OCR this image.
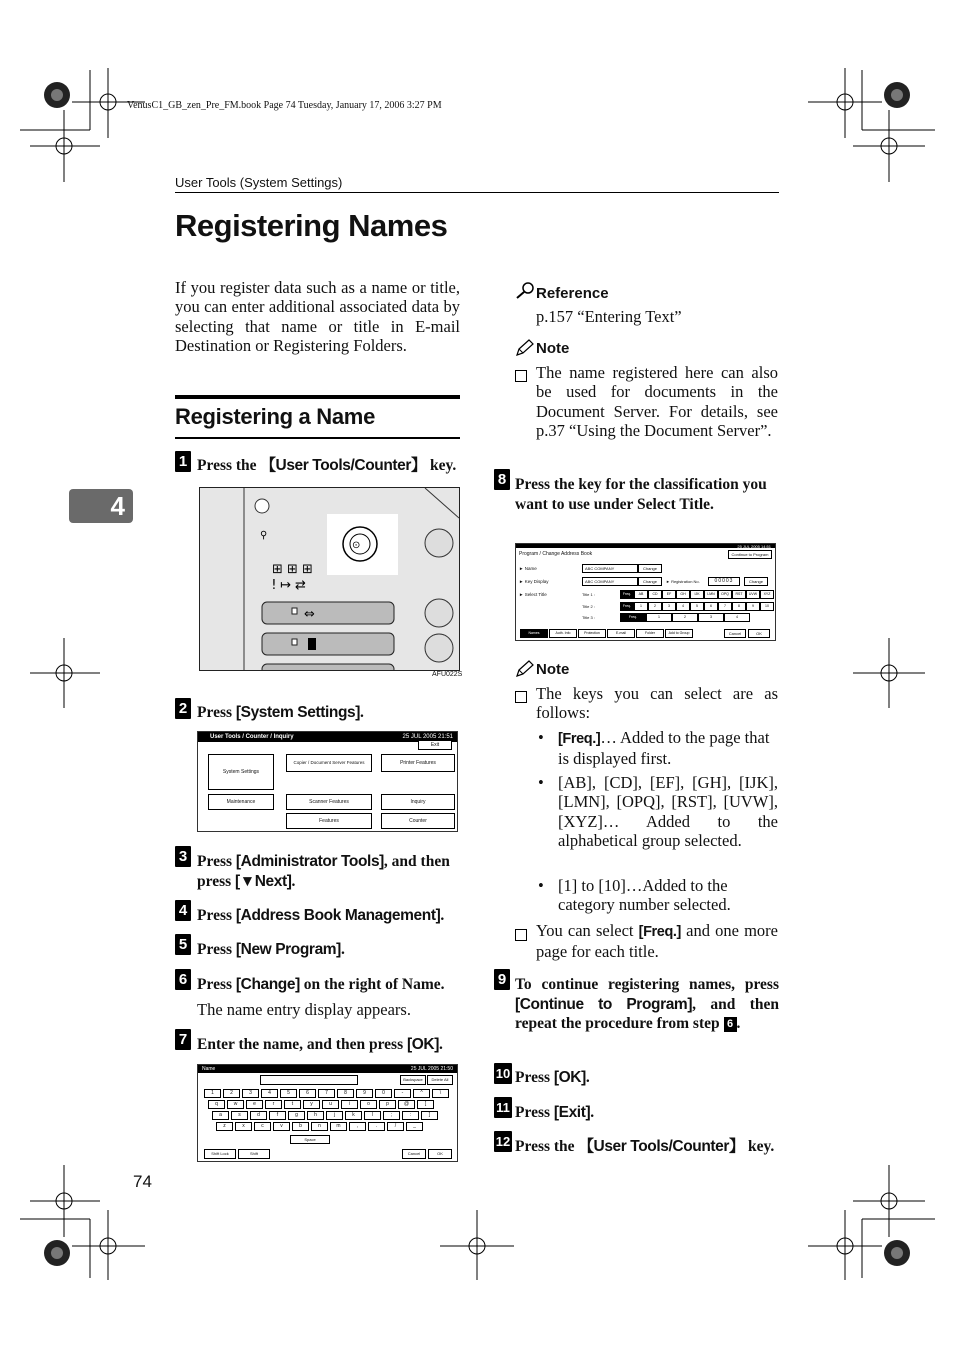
VenusC1_GB_zen_Pre_FM.book Page 74 Tuesday, January 17, 2006 3:27 PM
User Tools (System Settings)
Registering Names
If you register data such as a name or title, you can enter additional associated data by selecting that name or title in E-mail Destination or Registering Folders.
Registering a Name
4
1 Press the 【User Tools/Counter】 key.
⚲
⊙
⊞ ⊞ ⊞
ǃ ↦ ⇄
⇔
AFU022S
2 Press [System Settings].
User Tools / Counter / Inquiry	25 JUL 2005 21:51
Exit
System Settings
Copier / Document Server Features	Printer Features
Maintenance	Scanner Features	Inquiry
Features	Counter
3 Press [Administrator Tools], and then press [▼Next].
4 Press [Address Book Management].
5 Press [New Program].
6 Press [Change] on the right of Name.
The name entry display appears.
7 Enter the name, and then press [OK].
Name	25 JUL 2005 21:50
Backspace	Delete All
1	2	3	4	5	6	7	8	9	0	-	^	\
q	w	e	r	t	y	u	i	o	p	@	[
a	s	d	f	g	h	j	k	l	;	:	]
z	x	c	v	b	n	m	,	.	/	_
Space
Shift Lock	Shift	Cancel	OK
74
Reference
p.157 “Entering Text”
Note
The name registered here can also be used for documents in the Document Server. For details, see p.37 “Using the Document Server”.
8 Press the key for the classification you want to use under Select Title.
25 JUL 2005 14:51
Program / Change Address Book	Continue to Program
► Name	ABC COMPANY	Change
► Key Display	ABC COMPANY	Change	► Registration No.	00003	Change
► Select Title	Title 1 :
Title 2 :
Title 3 :
Freq.	AB	CD	EF	GH	IJK	LMN	OPQ	RST	UVW	XYZ
Freq.	1	2	3	4	5	6	7	8	9	10
Freq.	1	2	3	4
Names	Auth. Info	Protection	E-mail	Folder	Add to Group	Cancel	OK
Note
The keys you can select are as follows:
• [Freq.]… Added to the page that is displayed first.
• [AB], [CD], [EF], [GH], [IJK], [LMN], [OPQ], [RST], [UVW], [XYZ]… Added to the alphabetical group selected.
• [1] to [10]…Added to the category number selected.
You can select [Freq.] and one more page for each title.
9 To continue registering names, press [Continue to Program], and then repeat the procedure from step 6 .
10 Press [OK].
11 Press [Exit].
12 Press the 【User Tools/Counter】 key.
